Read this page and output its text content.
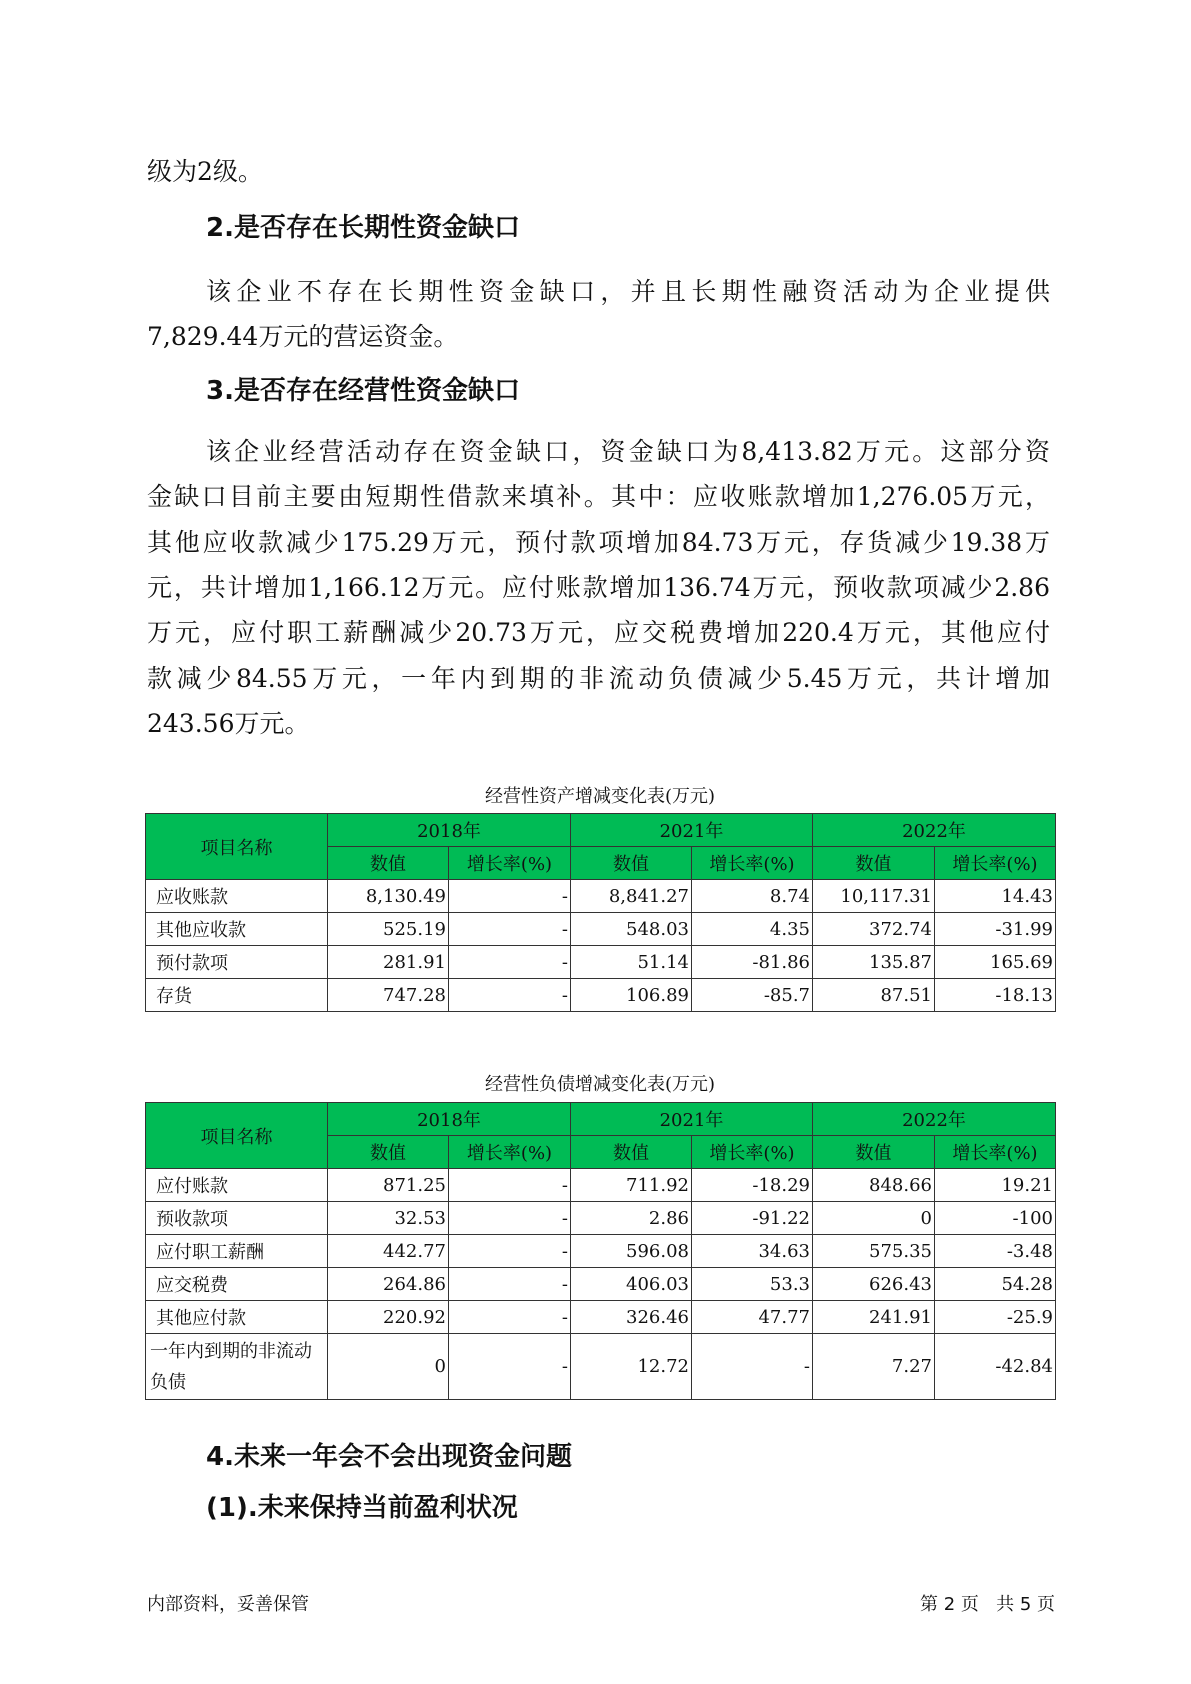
级为2级。
2.是否存在长期性资金缺口
该企业不存在长期性资金缺口，并且长期性融资活动为企业提供
7,829.44万元的营运资金。
3.是否存在经营性资金缺口
该企业经营活动存在资金缺口，资金缺口为8,413.82万元。这部分资
金缺口目前主要由短期性借款来填补。其中：应收账款增加1,276.05万元，
其他应收款减少175.29万元，预付款项增加84.73万元，存货减少19.38万
元，共计增加1,166.12万元。应付账款增加136.74万元，预收款项减少2.86
万元，应付职工薪酬减少20.73万元，应交税费增加220.4万元，其他应付
款减少84.55万元，一年内到期的非流动负债减少5.45万元，共计增加
243.56万元。
经营性资产增减变化表(万元)
项目名称	2018年		2021年		2022年	
	数值	增长率(%)	数值	增长率(%)	数值	增长率(%)
应收账款	8,130.49	-	8,841.27	8.74	10,117.31	14.43
其他应收款	525.19	-	548.03	4.35	372.74	-31.99
预付款项	281.91	-	51.14	-81.86	135.87	165.69
存货	747.28	-	106.89	-85.7	87.51	-18.13
经营性负债增减变化表(万元)
项目名称	2018年		2021年		2022年	
	数值	增长率(%)	数值	增长率(%)	数值	增长率(%)
应付账款	871.25	-	711.92	-18.29	848.66	19.21
预收款项	32.53	-	2.86	-91.22	0	-100
应付职工薪酬	442.77	-	596.08	34.63	575.35	-3.48
应交税费	264.86	-	406.03	53.3	626.43	54.28
其他应付款	220.92	-	326.46	47.77	241.91	-25.9
一年内到期的非流动负债	0	-	12.72	-	7.27	-42.84
4.未来一年会不会出现资金问题
(1).未来保持当前盈利状况
内部资料，妥善保管	第 2 页   共 5 页
